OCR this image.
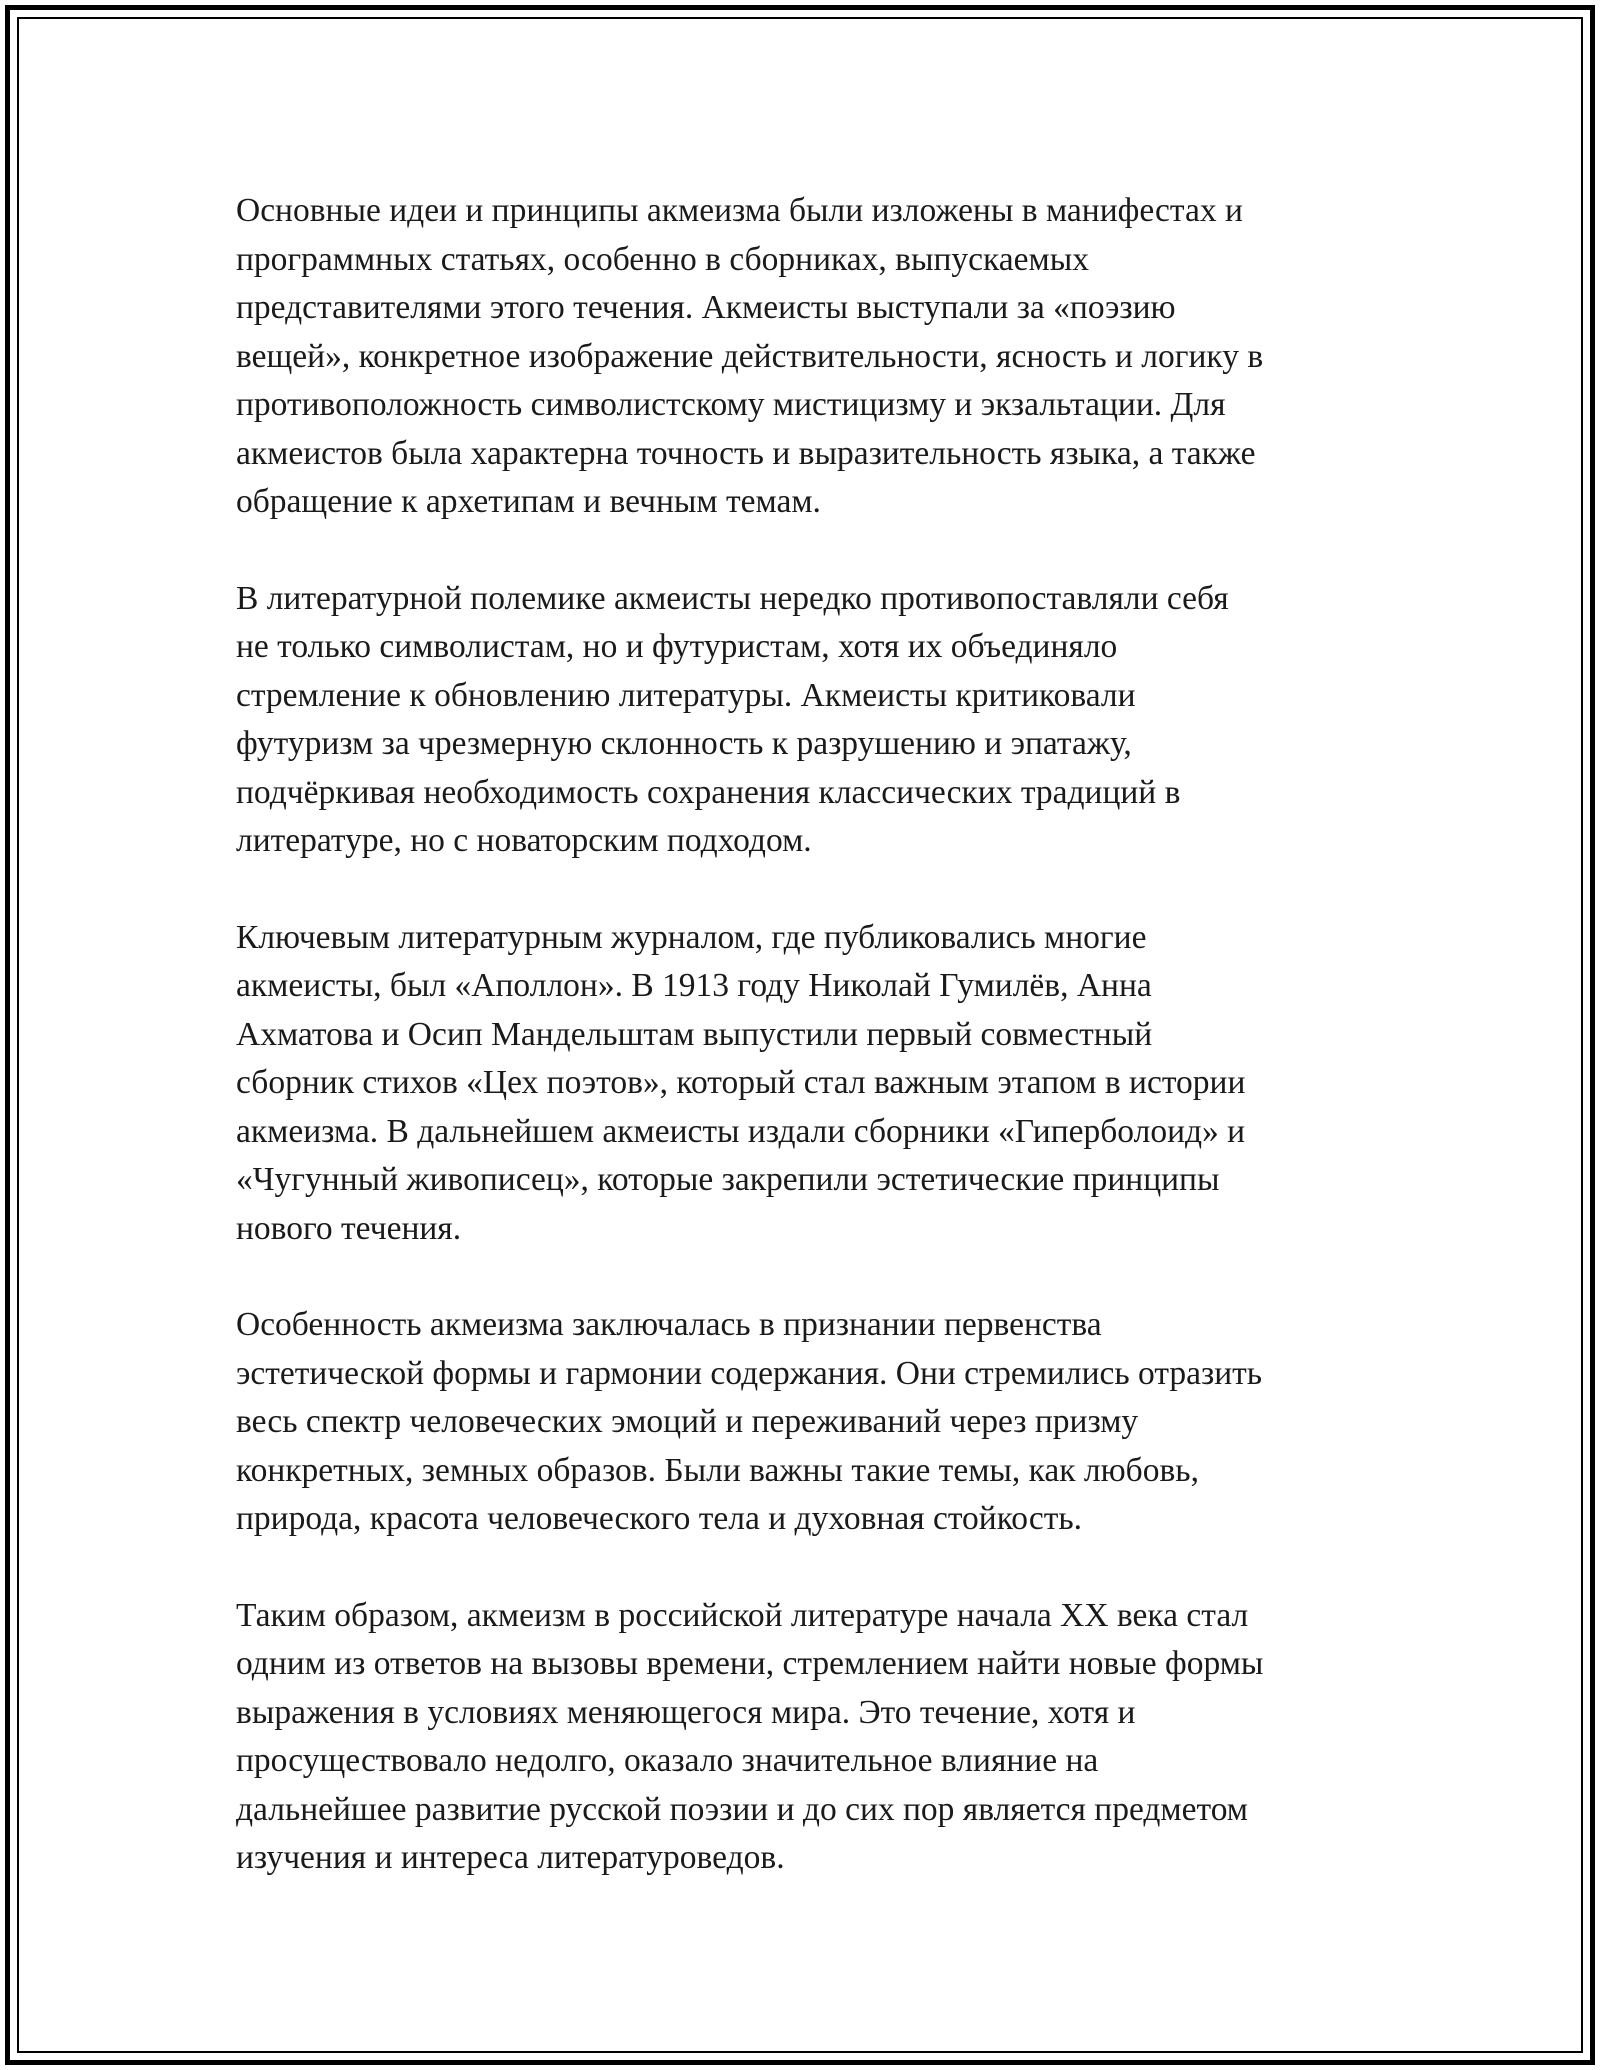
Основные идеи и принципы акмеизма были изложены в манифестах и
программных статьях, особенно в сборниках, выпускаемых
представителями этого течения. Акмеисты выступали за «поэзию
вещей», конкретное изображение действительности, ясность и логику в
противоположность символистскому мистицизму и экзальтации. Для
акмеистов была характерна точность и выразительность языка, а также
обращение к архетипам и вечным темам.

В литературной полемике акмеисты нередко противопоставляли себя
не только символистам, но и футуристам, хотя их объединяло
стремление к обновлению литературы. Акмеисты критиковали
футуризм за чрезмерную склонность к разрушению и эпатажу,
подчёркивая необходимость сохранения классических традиций в
литературе, но с новаторским подходом.

Ключевым литературным журналом, где публиковались многие
акмеисты, был «Аполлон». В 1913 году Николай Гумилёв, Анна
Ахматова и Осип Мандельштам выпустили первый совместный
сборник стихов «Цех поэтов», который стал важным этапом в истории
акмеизма. В дальнейшем акмеисты издали сборники «Гиперболоид» и
«Чугунный живописец», которые закрепили эстетические принципы
нового течения.

Особенность акмеизма заключалась в признании первенства
эстетической формы и гармонии содержания. Они стремились отразить
весь спектр человеческих эмоций и переживаний через призму
конкретных, земных образов. Были важны такие темы, как любовь,
природа, красота человеческого тела и духовная стойкость.

Таким образом, акмеизм в российской литературе начала XX века стал
одним из ответов на вызовы времени, стремлением найти новые формы
выражения в условиях меняющегося мира. Это течение, хотя и
просуществовало недолго, оказало значительное влияние на
дальнейшее развитие русской поэзии и до сих пор является предметом
изучения и интереса литературоведов.
